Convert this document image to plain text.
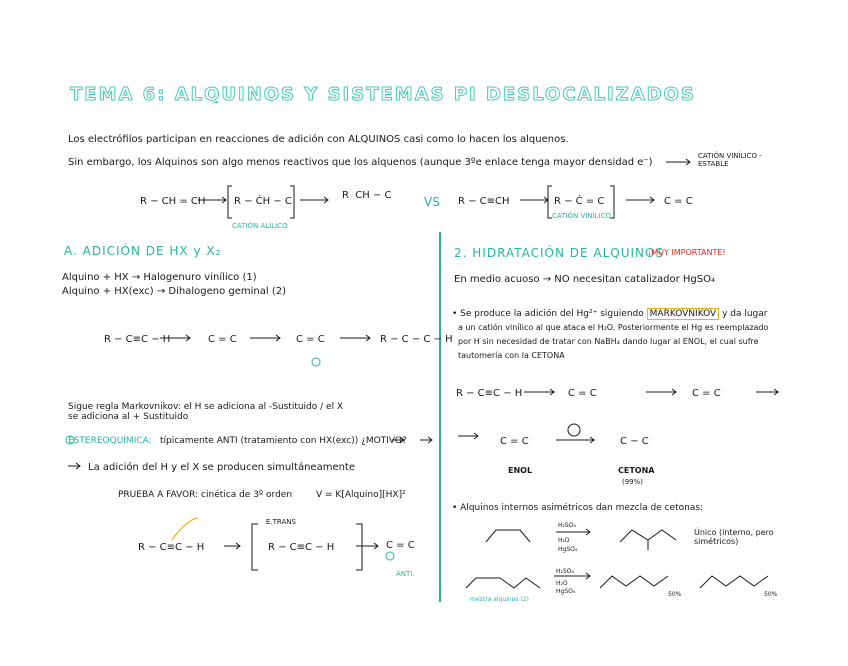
TEMA 6: ALQUINOS Y SISTEMAS PI DESLOCALIZADOS
Los electrófilos participan en reacciones de adición con ALQUINOS casi como lo hacen los alquenos.
Sin embargo, los Alquinos son algo menos reactivos que los alquenos (aunque 3ºe enlace tenga mayor densidad e⁻)
CATIÓN VINÍLICO -ESTABLE
R − CH = CH	R − ĊH − C
CATIÓN ALÍLICO
R  CH − C	VS R − C≡CH	R − Ċ = C
CATIÓN VINÍLICO
C = C
A. ADICIÓN DE HX y X₂
Alquino + HX → Halogenuro vinílico (1)
Alquino + HX(exc) → Dihalogeno geminal (2)
R − C≡C − H	C = C	C = C	R − C − C − H
Sigue regla Markovnikov: el H se adiciona al -Sustituido / el X se adiciona al + Sustituido
ESTEREOQUÍMICA: típicamente ANTI (tratamiento con HX(exc)) ¿MOTIVO?
La adición del H y el X se producen simultáneamente
PRUEBA A FAVOR: cinética de 3º orden	V = K[Alquino][HX]²
R − C≡C − H
E.TRANS
R − C≡C − H	C = C
ANTI.
2. HIDRATACIÓN DE ALQUINOS
¡MUY IMPORTANTE!
En medio acuoso → NO necesitan catalizador HgSO₄
• Se produce la adición del Hg²⁺ siguiendo MARKOVNIKOV y da lugar
a un catión vinílico al que ataca el H₂O. Posteriormente el Hg es reemplazado
por H sin necesidad de tratar con NaBH₄ dando lugar al ENOL, el cual sufre
tautomería con la CETONA
R − C≡C − H	C = C	C = C
C = C
ENOL
C − C
CETONA
(99%)
• Alquinos internos asimétricos dan mezcla de cetonas:
H₂SO₄
H₂O
HgSO₄
Único (interno, pero simétricos)
H₂SO₄
H₂O
HgSO₄
mezcla alquinos (2)
50%	50%
